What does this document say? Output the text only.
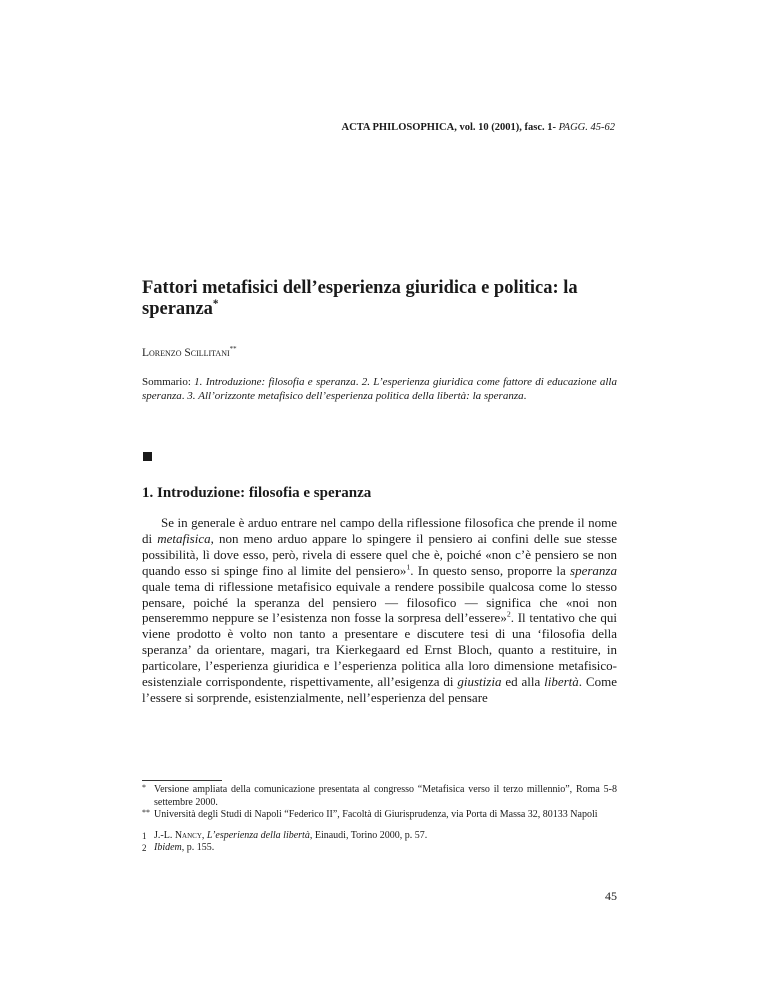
ACTA PHILOSOPHICA, vol. 10 (2001), fasc. 1- PAGG. 45-62
Fattori metafisici dell’esperienza giuridica e politica: la speranza*
Lorenzo Scillitani**

Sommario: 1. Introduzione: filosofia e speranza. 2. L’esperienza giuridica come fattore di educazione alla speranza. 3. All’orizzonte metafisico dell’esperienza politica della libertà: la speranza.

1. Introduzione: filosofia e speranza

Se in generale è arduo entrare nel campo della riflessione filosofica che prende il nome di metafisica, non meno arduo appare lo spingere il pensiero ai confini delle sue stesse possibilità, lì dove esso, però, rivela di essere quel che è, poiché «non c’è pensiero se non quando esso si spinge fino al limite del pensiero»$^1$. In questo senso, proporre la speranza quale tema di riflessione metafisico equivale a rendere possibile qualcosa come lo stesso pensare, poiché la speranza del pensiero — filosofico — significa che «noi non penseremmo neppure se l’esistenza non fosse la sorpresa dell’essere»$^2$. Il tentativo che qui viene prodotto è volto non tanto a presentare e discutere tesi di una ‘filosofia della speranza’ da orientare, magari, tra Kierkegaard ed Ernst Bloch, quanto a restituire, in particolare, l’esperienza giuridica e l’esperienza politica alla loro dimensione metafisico-esistenziale corrispondente, rispettivamente, all’esigenza di giustizia ed alla libertà. Come l’essere si sorprende, esistenzialmente, nell’esperienza del pensare

* Versione ampliata della comunicazione presentata al congresso “Metafisica verso il terzo millennio”, Roma 5-8 settembre 2000.

** Università degli Studi di Napoli “Federico II”, Facoltà di Giurisprudenza, via Porta di Massa 32, 80133 Napoli

1 J.-L. Nancy, L’esperienza della libertà, Einaudi, Torino 2000, p. 57.

2 Ibidem, p. 155.

45
